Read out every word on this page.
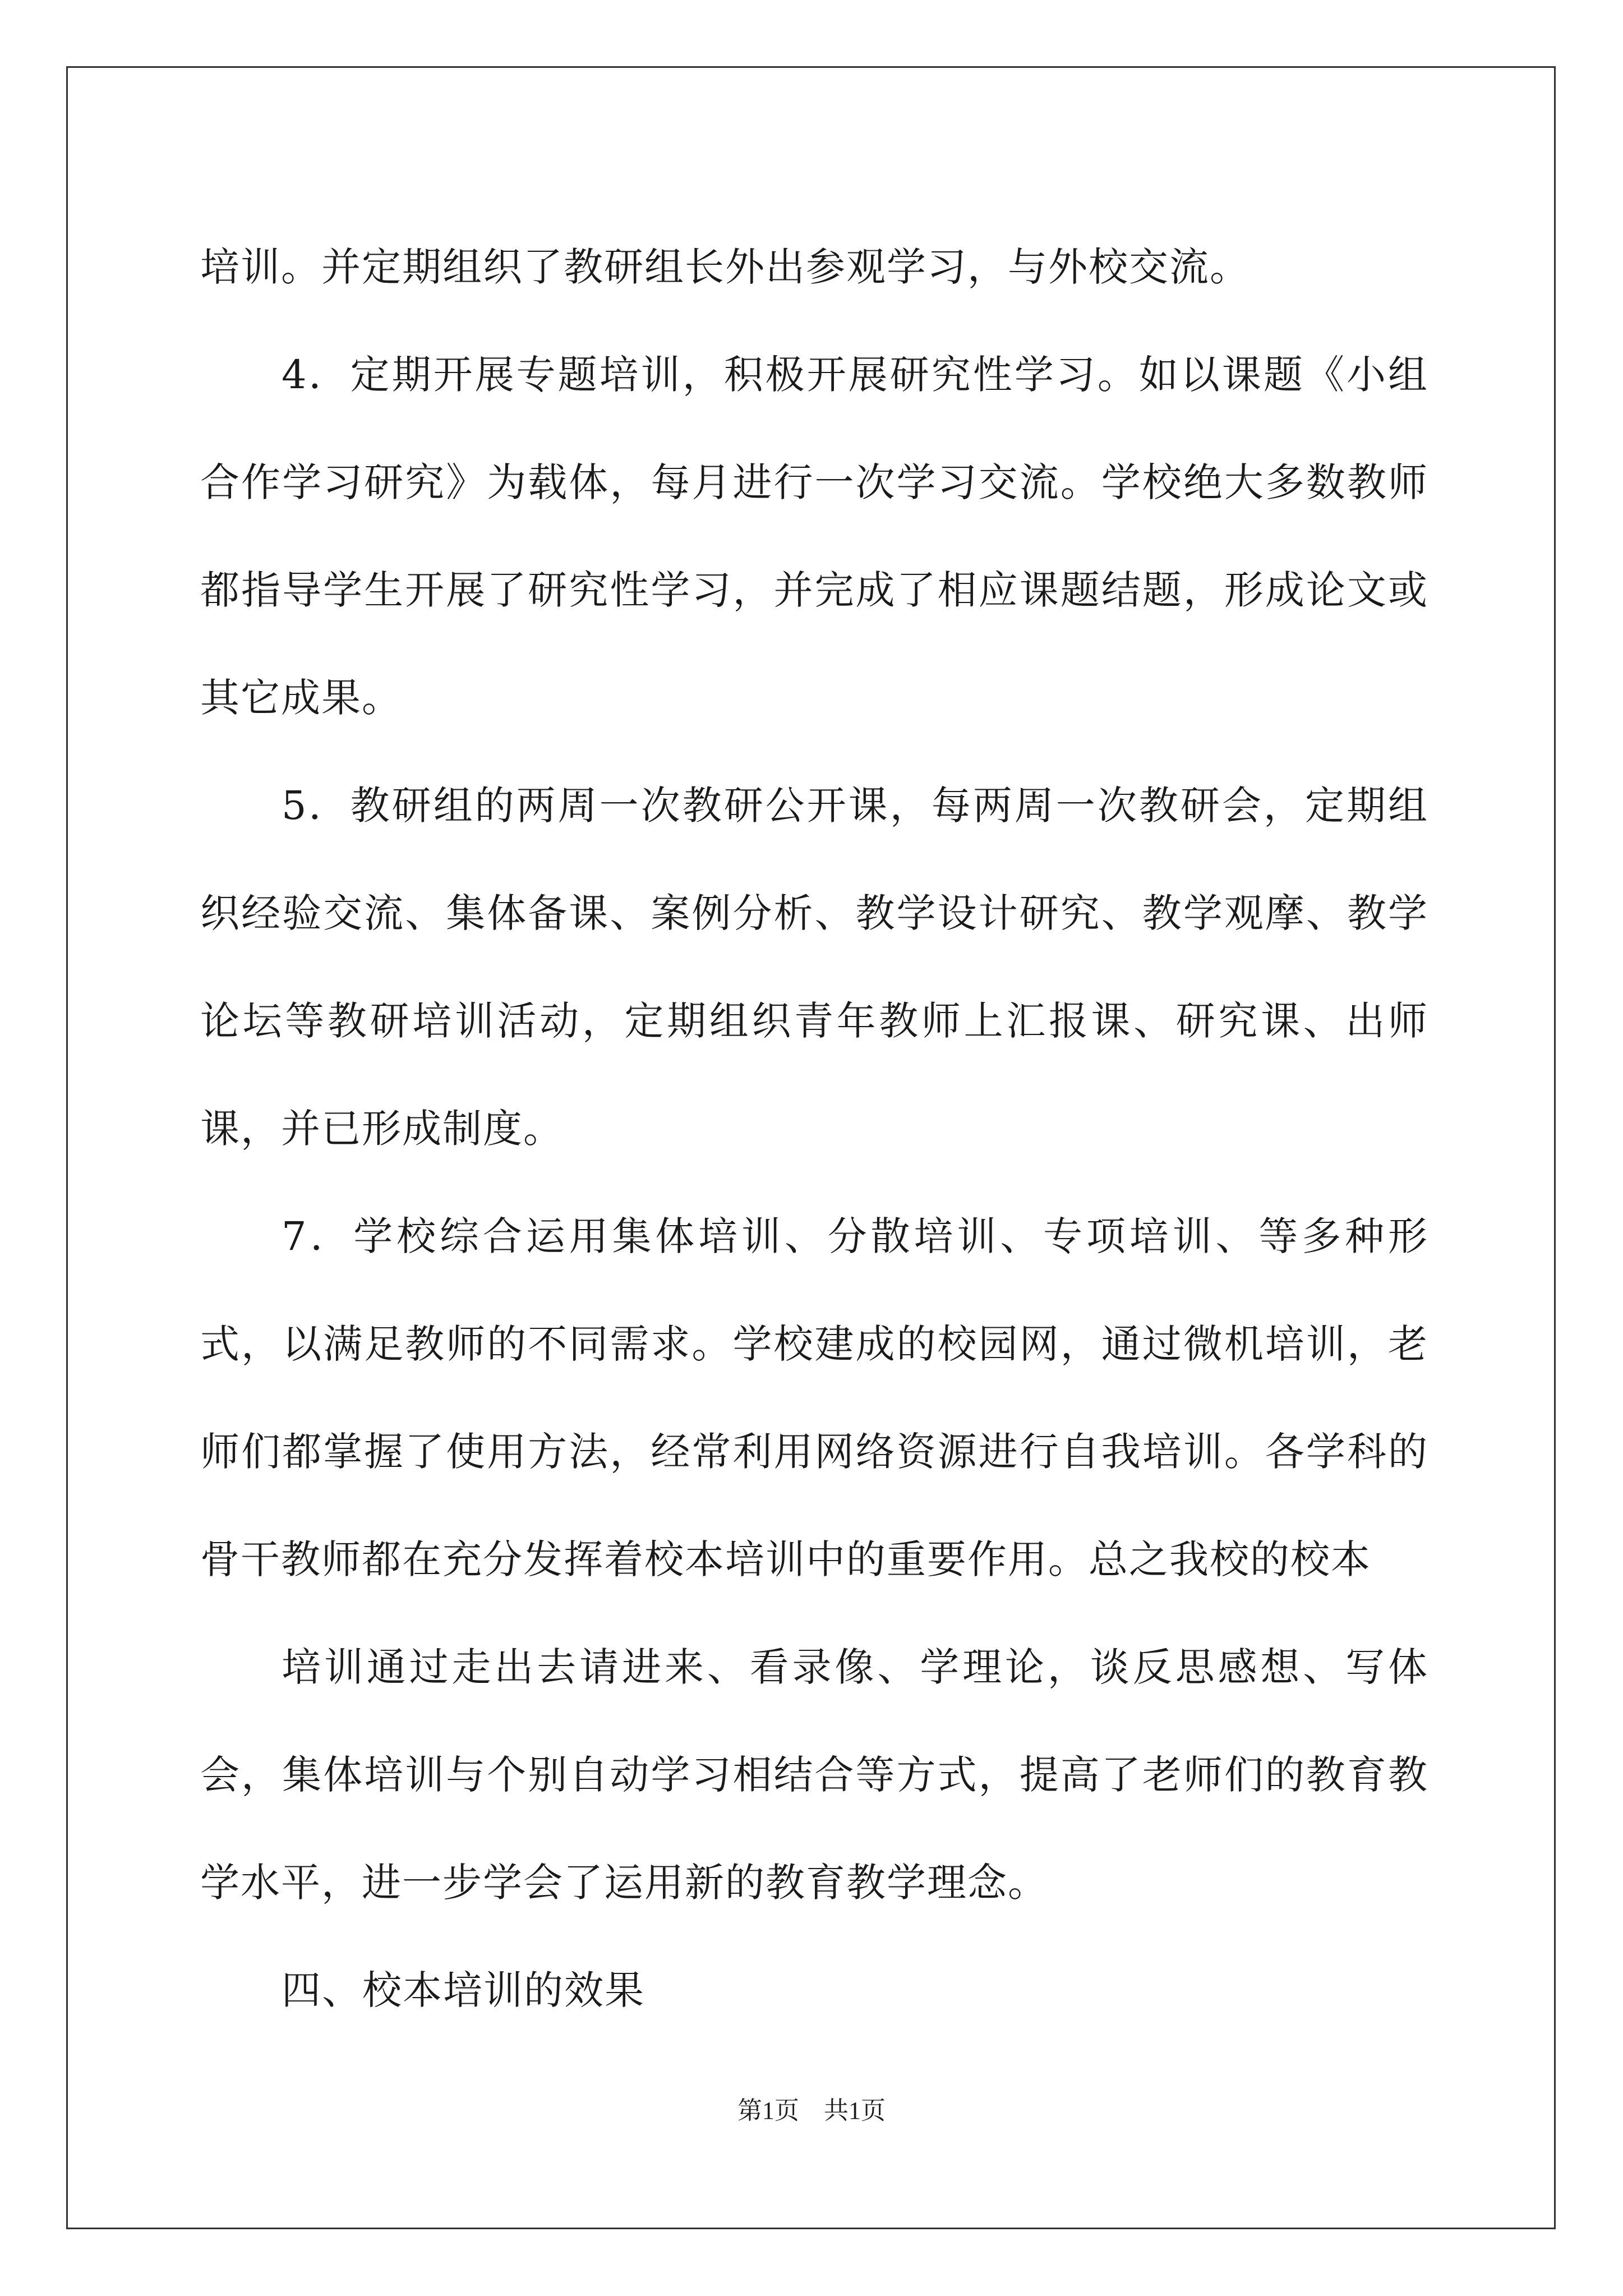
培训。并定期组织了教研组长外出参观学习，与外校交流。

4．定期开展专题培训，积极开展研究性学习。如以课题《小组合作学习研究》为载体，每月进行一次学习交流。学校绝大多数教师都指导学生开展了研究性学习，并完成了相应课题结题，形成论文或其它成果。

5．教研组的两周一次教研公开课，每两周一次教研会，定期组织经验交流、集体备课、案例分析、教学设计研究、教学观摩、教学论坛等教研培训活动，定期组织青年教师上汇报课、研究课、出师课，并已形成制度。

7．学校综合运用集体培训、分散培训、专项培训、等多种形式，以满足教师的不同需求。学校建成的校园网，通过微机培训，老师们都掌握了使用方法，经常利用网络资源进行自我培训。各学科的骨干教师都在充分发挥着校本培训中的重要作用。总之我校的校本

培训通过走出去请进来、看录像、学理论，谈反思感想、写体会，集体培训与个别自动学习相结合等方式，提高了老师们的教育教学水平，进一步学会了运用新的教育教学理念。

四、校本培训的效果

第1页　共1页
